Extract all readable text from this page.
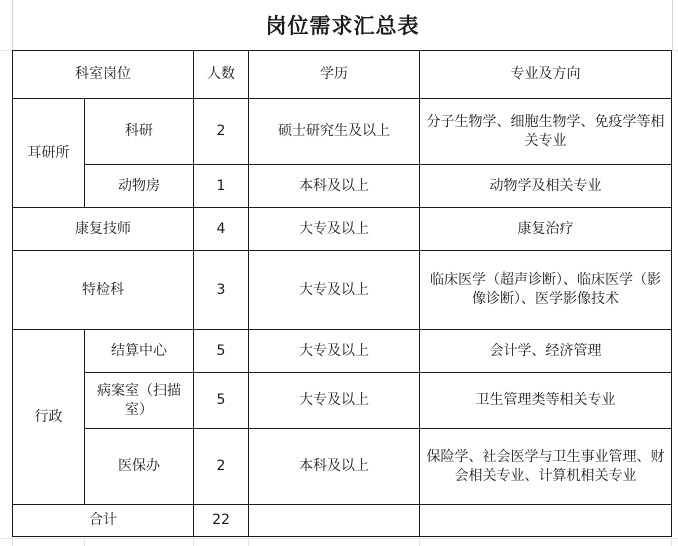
岗位需求汇总表
科室岗位		人数	学历	专业及方向
耳研所	科研	2	硕士研究生及以上	分子生物学、细胞生物学、免疫学等相关专业
	动物房	1	本科及以上	动物学及相关专业
康复技师		4	大专及以上	康复治疗
特检科		3	大专及以上	临床医学（超声诊断）、临床医学（影像诊断）、医学影像技术
行政	结算中心	5	大专及以上	会计学、经济管理
	病案室（扫描室）	5	大专及以上	卫生管理类等相关专业
	医保办	2	本科及以上	保险学、社会医学与卫生事业管理、财会相关专业、计算机相关专业
合计		22		
